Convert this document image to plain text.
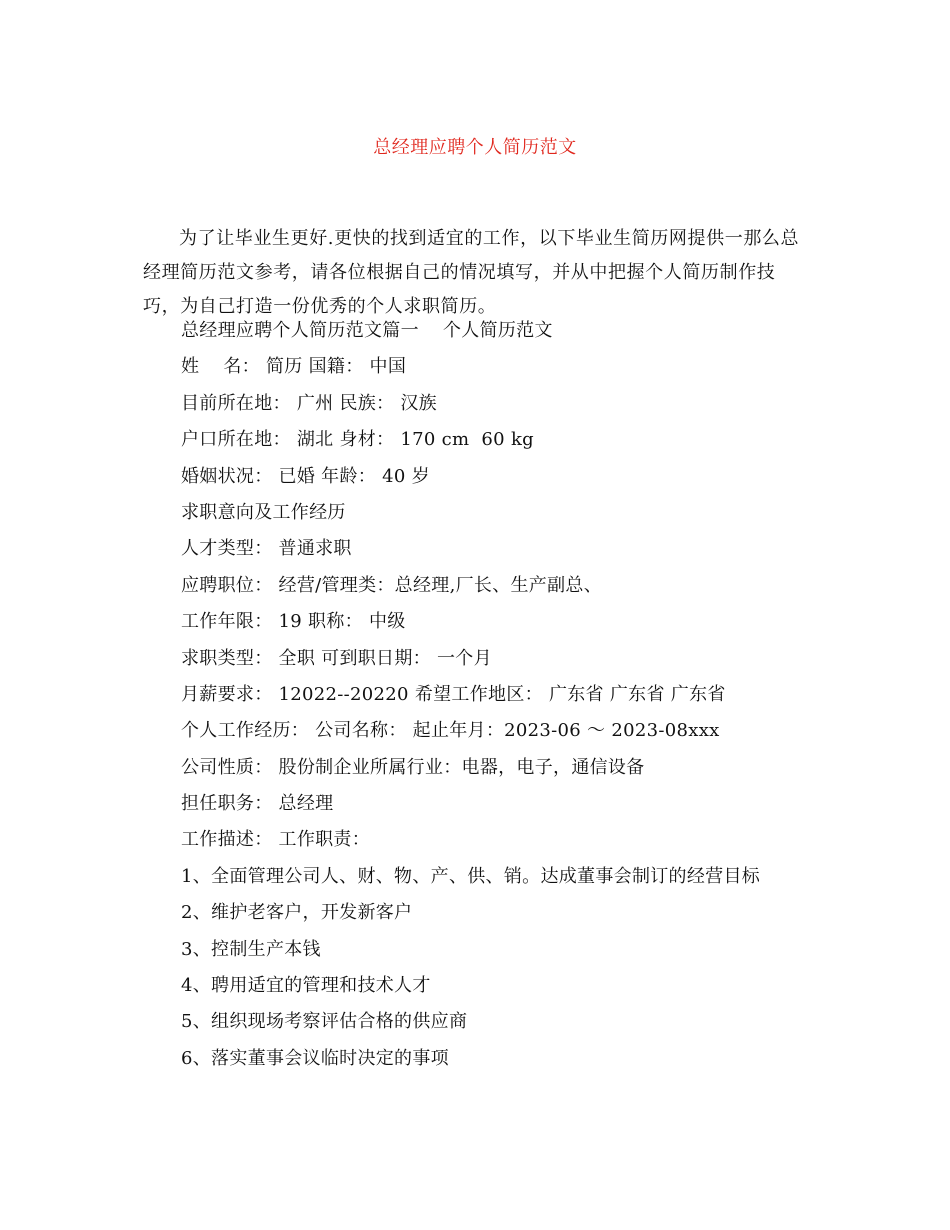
总经理应聘个人简历范文

为了让毕业生更好.更快的找到适宜的工作，以下毕业生简历网提供一那么总经理简历范文参考，请各位根据自己的情况填写，并从中把握个人简历制作技巧，为自己打造一份优秀的个人求职简历。

总经理应聘个人简历范文篇一    个人简历范文
姓    名： 简历 国籍： 中国
目前所在地： 广州 民族： 汉族
户口所在地： 湖北 身材： 170 cm  60 kg
婚姻状况： 已婚 年龄： 40 岁
求职意向及工作经历
人才类型： 普通求职
应聘职位： 经营/管理类：总经理,厂长、生产副总、
工作年限： 19 职称： 中级
求职类型： 全职 可到职日期： 一个月
月薪要求： 12022--20220 希望工作地区： 广东省 广东省 广东省
个人工作经历： 公司名称： 起止年月：2023-06 ～ 2023-08xxx
公司性质： 股份制企业所属行业：电器，电子，通信设备
担任职务： 总经理
工作描述： 工作职责：
1、全面管理公司人、财、物、产、供、销。达成董事会制订的经营目标
2、维护老客户，开发新客户
3、控制生产本钱
4、聘用适宜的管理和技术人才
5、组织现场考察评估合格的供应商
6、落实董事会议临时决定的事项
